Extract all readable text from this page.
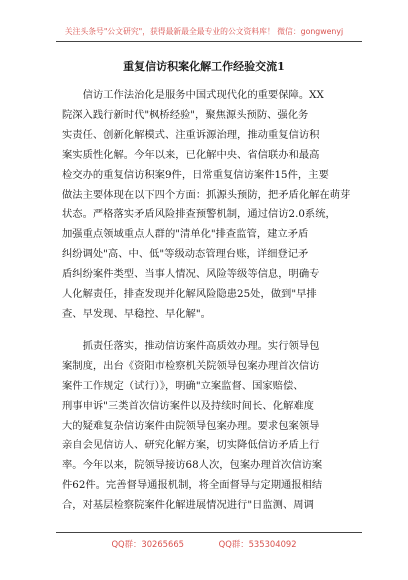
关注头条号"公文研究"，获得最新最全最专业的公文资料库！ 微信：gongwenyj
重复信访积案化解工作经验交流1

信访工作法治化是服务中国式现代化的重要保障。XX
院深入践行新时代"枫桥经验"，聚焦源头预防、强化务
实责任、创新化解模式、注重诉源治理，推动重复信访积
案实质性化解。今年以来，已化解中央、省信联办和最高
检交办的重复信访积案9件，日常重复信访案件15件，主要
做法主要体现在以下四个方面：抓源头预防，把矛盾化解在萌芽
状态。严格落实矛盾风险排查预警机制，通过信访2.0系统，
加强重点领域重点人群的"清单化"排查监管，建立矛盾
纠纷调处"高、中、低"等级动态管理台账，详细登记矛
盾纠纷案件类型、当事人情况、风险等级等信息，明确专
人化解责任，排查发现并化解风险隐患25处，做到"早排
查、早发现、早稳控、早化解"。

抓责任落实，推动信访案件高质效办理。实行领导包
案制度，出台《资阳市检察机关院领导包案办理首次信访
案件工作规定（试行）》，明确"立案监督、国家赔偿、
刑事申诉"三类首次信访案件以及持续时间长、化解难度
大的疑难复杂信访案件由院领导包案办理。要求包案领导
亲自会见信访人、研究化解方案，切实降低信访矛盾上行
率。今年以来，院领导接访68人次，包案办理首次信访案
件62件。完善督导通报机制，将全面督导与定期通报相结
合，对基层检察院案件化解进展情况进行"日监测、周调

QQ群：30265665	QQ群：535304092
